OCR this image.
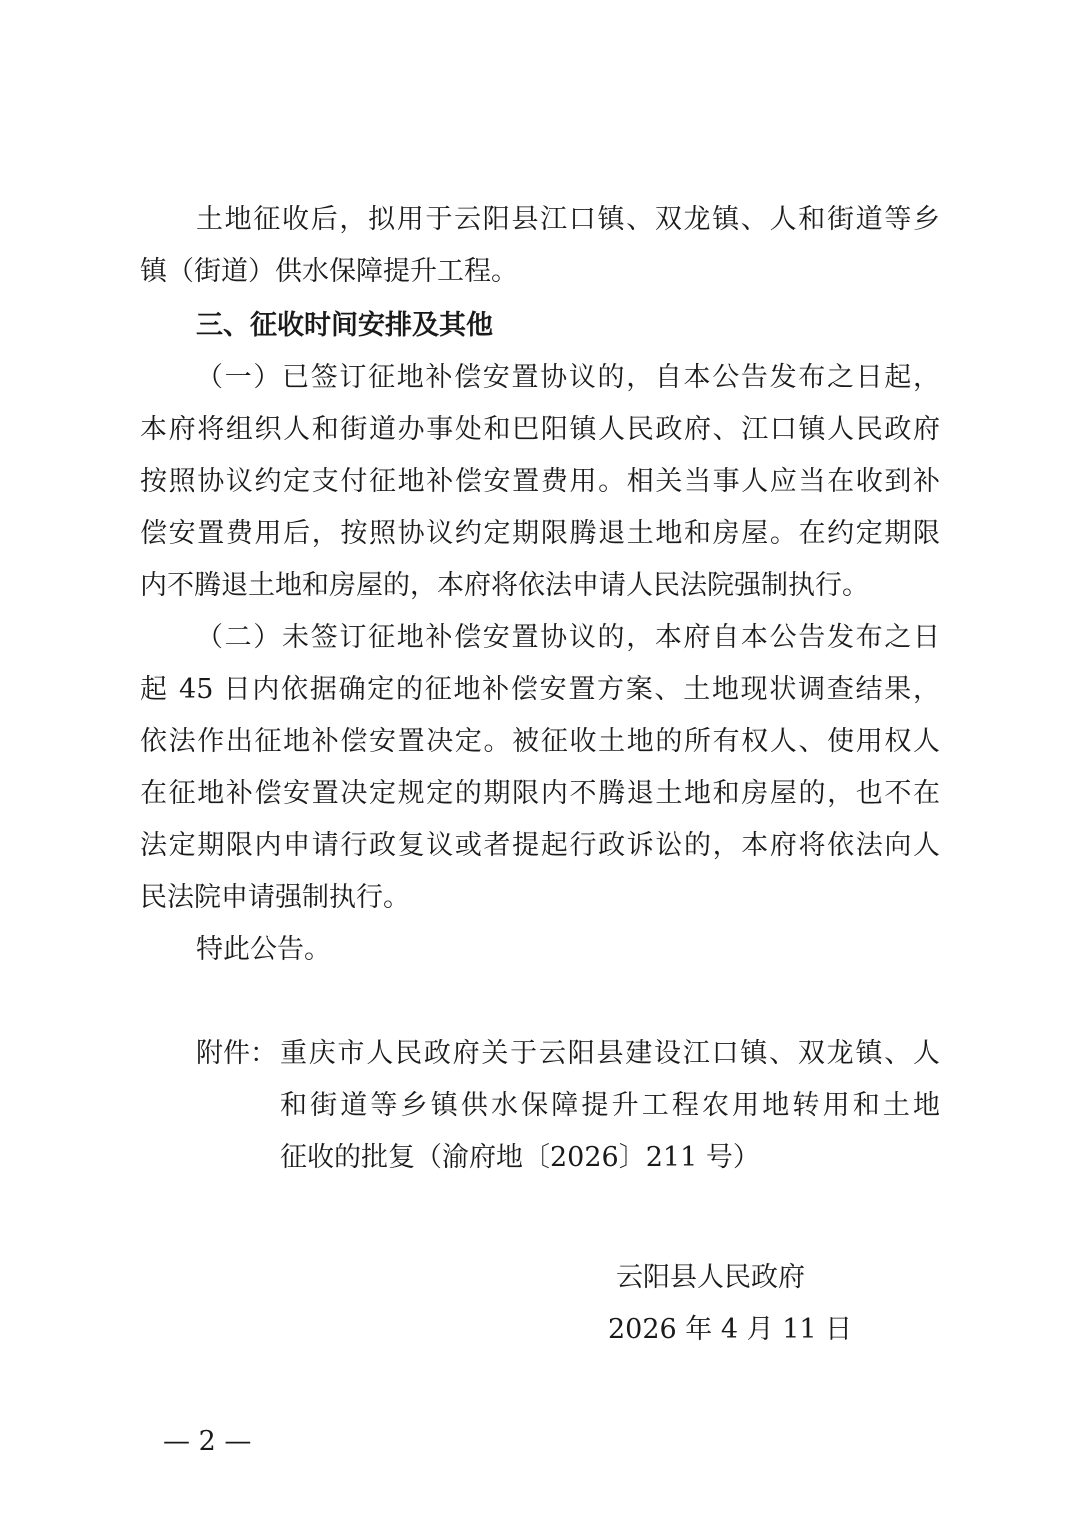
土地征收后，拟用于云阳县江口镇、双龙镇、人和街道等乡
镇（街道）供水保障提升工程。
三、征收时间安排及其他
（一）已签订征地补偿安置协议的，自本公告发布之日起，
本府将组织人和街道办事处和巴阳镇人民政府、江口镇人民政府
按照协议约定支付征地补偿安置费用。相关当事人应当在收到补
偿安置费用后，按照协议约定期限腾退土地和房屋。在约定期限
内不腾退土地和房屋的，本府将依法申请人民法院强制执行。
（二）未签订征地补偿安置协议的，本府自本公告发布之日
起 45 日内依据确定的征地补偿安置方案、土地现状调查结果，
依法作出征地补偿安置决定。被征收土地的所有权人、使用权人
在征地补偿安置决定规定的期限内不腾退土地和房屋的，也不在
法定期限内申请行政复议或者提起行政诉讼的，本府将依法向人
民法院申请强制执行。
特此公告。
附件： 重庆市人民政府关于云阳县建设江口镇、双龙镇、人
和街道等乡镇供水保障提升工程农用地转用和土地
征收的批复（渝府地〔2026〕211 号）
云阳县人民政府
2026 年 4 月 11 日
— 2 —
